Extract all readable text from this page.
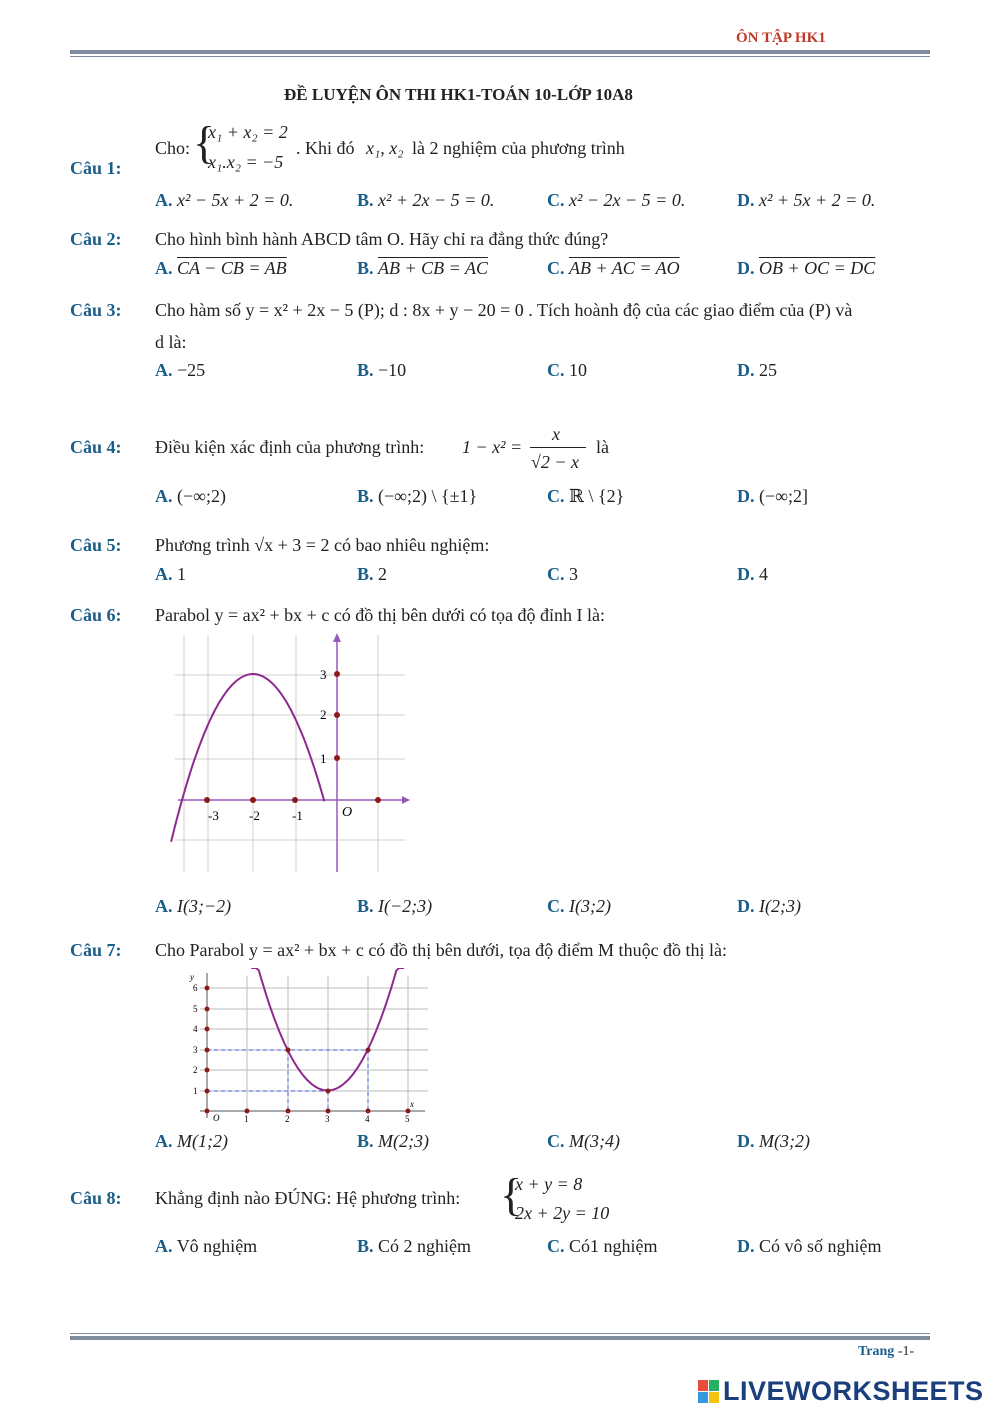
ÔN TẬP HK1
ĐỀ LUYỆN ÔN THI HK1-TOÁN 10-LỚP 10A8
Câu 1:
Cho: {
x₁ + x₂ = 2
x₁.x₂ = −5
. Khi đó x₁, x₂ là 2 nghiệm của phương trình
A. x² − 5x + 2 = 0.	B. x² + 2x − 5 = 0.	C. x² − 2x − 5 = 0.	D. x² + 5x + 2 = 0.
Câu 2: Cho hình bình hành ABCD tâm O. Hãy chỉ ra đẳng thức đúng?
A. CA − CB = AB	B. AB + CB = AC	C. AB + AC = AO	D. OB + OC = DC
Câu 3: Cho hàm số y = x² + 2x − 5 (P); d : 8x + y − 20 = 0 . Tích hoành độ của các giao điểm của (P) và
d là:
A. −25	B. −10	C. 10	D. 25
Câu 4: Điều kiện xác định của phương trình: 1 − x² =
x
√2 − x
là
A. (−∞;2)	B. (−∞;2) \ {±1}	C. ℝ \ {2}	D. (−∞;2]
Câu 5: Phương trình √x + 3 = 2 có bao nhiêu nghiệm:
A. 1	B. 2	C. 3	D. 4
Câu 6: Parabol y = ax² + bx + c có đồ thị bên dưới có tọa độ đỉnh I là:
-3 -2 -1
1
2
3
O
A. I(3;−2)	B. I(−2;3)	C. I(3;2)	D. I(2;3)
Câu 7: Cho Parabol y = ax² + bx + c có đồ thị bên dưới, tọa độ điểm M thuộc đồ thị là:
1	2	3	4	5
1
2
3
4
5
6
O
x
y
A. M(1;2)	B. M(2;3)	C. M(3;4)	D. M(3;2)
Câu 8: Khẳng định nào ĐÚNG: Hệ phương trình: {
x + y = 8
2x + 2y = 10
A. Vô nghiệm	B. Có 2 nghiệm	C. Có1 nghiệm	D. Có vô số nghiệm
Trang -1-
LIVEWORKSHEETS
